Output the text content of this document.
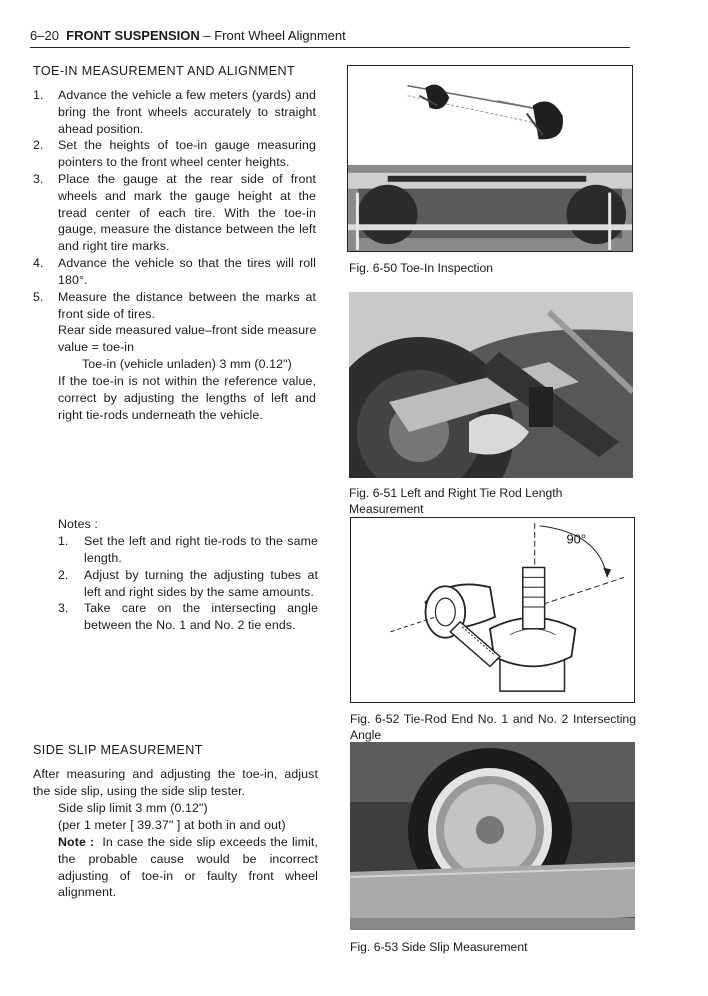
6–20 FRONT SUSPENSION – Front Wheel Alignment
TOE-IN MEASUREMENT AND ALIGNMENT
1. Advance the vehicle a few meters (yards) and bring the front wheels accurately to straight ahead position.
2. Set the heights of toe-in gauge measuring pointers to the front wheel center heights.
3. Place the gauge at the rear side of front wheels and mark the gauge height at the tread center of each tire. With the toe-in gauge, measure the distance between the left and right tire marks.
4. Advance the vehicle so that the tires will roll 180°.
5. Measure the distance between the marks at front side of tires.
Rear side measured value–front side measure
value = toe-in
Toe-in (vehicle unladen) 3 mm (0.12")
If the toe-in is not within the reference value, correct by adjusting the lengths of left and right tie-rods underneath the vehicle.
Notes :
1. Set the left and right tie-rods to the same length.
2. Adjust by turning the adjusting tubes at left and right sides by the same amounts.
3. Take care on the intersecting angle between the No. 1 and No. 2 tie ends.
SIDE SLIP MEASUREMENT
After measuring and adjusting the toe-in, adjust the side slip, using the side slip tester.
Side slip limit 3 mm (0.12")
(per 1 meter [ 39.37" ] at both in and out)
Note : In case the side slip exceeds the limit, the probable cause would be incorrect adjusting of toe-in or faulty front wheel alignment.
Fig. 6-50 Toe-In Inspection
Fig. 6-51 Left and Right Tie Rod Length Measurement
90°
Fig. 6-52 Tie-Rod End No. 1 and No. 2 Intersecting Angle
Fig. 6-53 Side Slip Measurement
